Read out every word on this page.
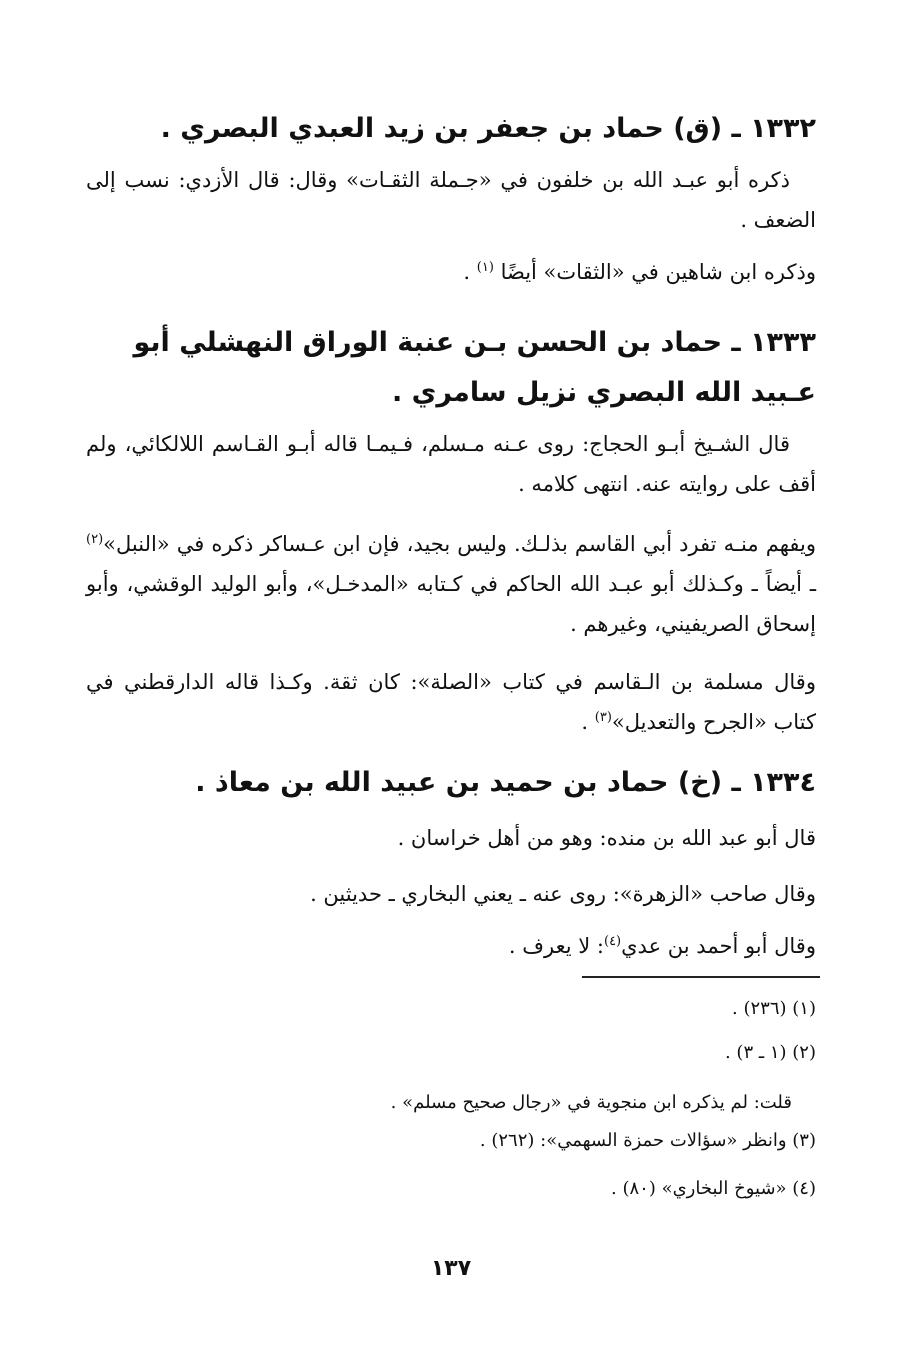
١٣٣٢ ـ (ق) حماد بن جعفر بن زيد العبدي البصري .

ذكره أبو عبـد الله بن خلفون في «جـملة الثقـات» وقال: قال الأزدي: نسب إلى الضعف .

وذكره ابن شاهين في «الثقات» أيضًا $^{(١)}$ .

١٣٣٣ ـ حماد بن الحسن بـن عنبة الوراق النهشلي أبو عـبيد الله البصري نزيل سامري .

قال الشـيخ أبـو الحجاج: روى عـنه مـسلم، فـيمـا قاله أبـو القـاسم اللالكائي، ولم أقف على روايته عنه. انتهى كلامه .

ويفهم منـه تفرد أبي القاسم بذلـك. وليس بجيد، فإن ابن عـساكر ذكره في «النبل»$^{(٢)}$ ـ أيضاً ـ وكـذلك أبو عبـد الله الحاكم في كـتابه «المدخـل»، وأبو الوليد الوقشي، وأبو إسحاق الصريفيني، وغيرهم .

وقال مسلمة بن الـقاسم في كتاب «الصلة»: كان ثقة. وكـذا قاله الدارقطني في كتاب «الجرح والتعديل»$^{(٣)}$ .

١٣٣٤ ـ (خ) حماد بن حميد بن عبيد الله بن معاذ .

قال أبو عبد الله بن منده: وهو من أهل خراسان .

وقال صاحب «الزهرة»: روى عنه ـ يعني البخاري ـ حديثين .

وقال أبو أحمد بن عدي$^{(٤)}$: لا يعرف .

(١) (٢٣٦) .

(٢) (١ ـ ٣) .

قلت: لم يذكره ابن منجوية في «رجال صحيح مسلم» .

(٣) وانظر «سؤالات حمزة السهمي»: (٢٦٢) .

(٤) «شيوخ البخاري» (٨٠) .

١٣٧
